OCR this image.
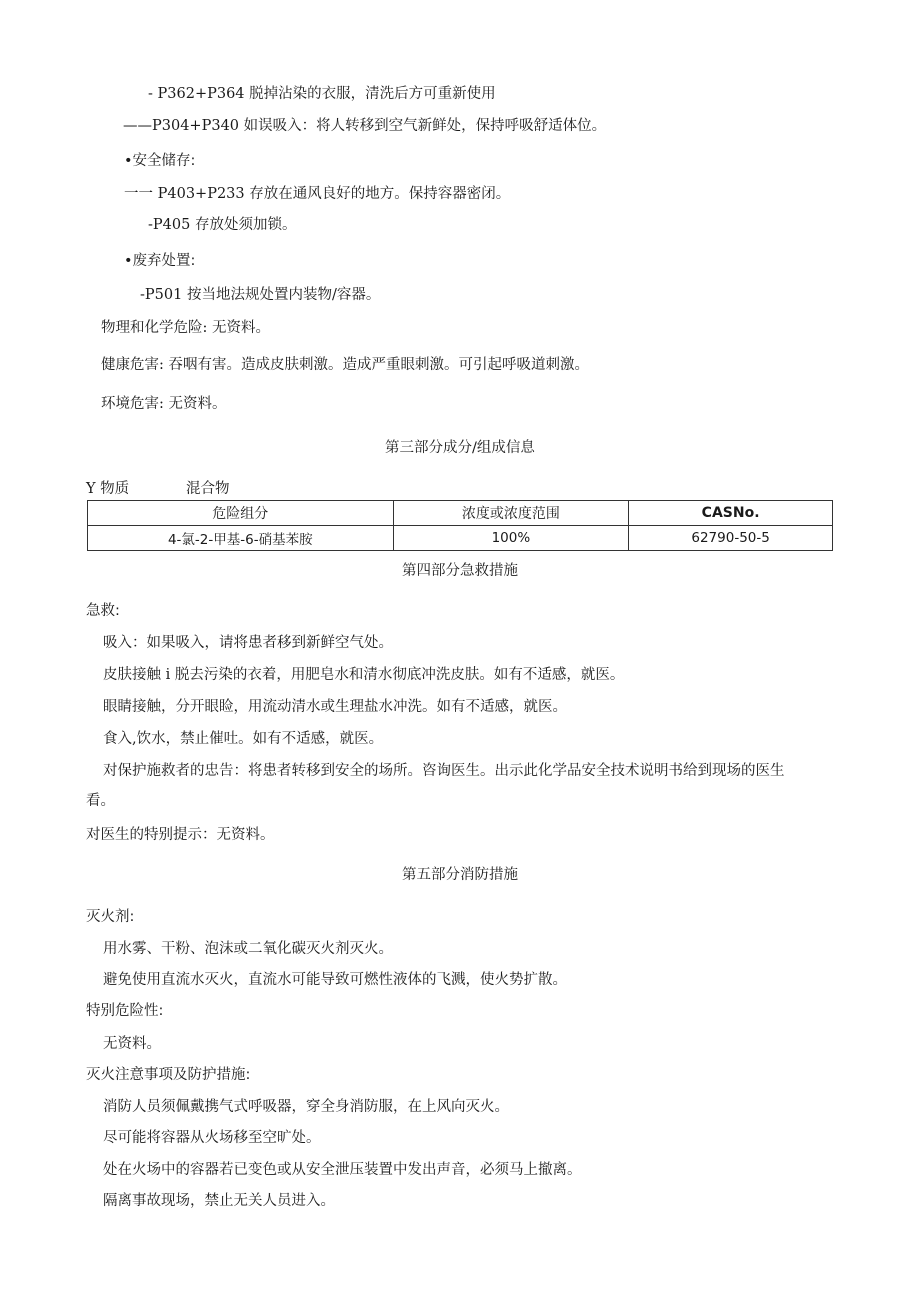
- P362+P364 脱掉沾染的衣服，清洗后方可重新使用
——P304+P340 如误吸入：将人转移到空气新鲜处，保持呼吸舒适体位。
•安全储存:
一一 P403+P233 存放在通风良好的地方。保持容器密闭。
-P405 存放处须加锁。
•废弃处置:
-P501 按当地法规处置内装物/容器。
物理和化学危险: 无资料。
健康危害: 吞咽有害。造成皮肤刺激。造成严重眼刺激。可引起呼吸道刺激。
环境危害: 无资料。
第三部分成分/组成信息
Y 物质	混合物
危险组分	浓度或浓度范围	CASNo.
4-氯-2-甲基-6-硝基苯胺	100%	62790-50-5
第四部分急救措施
急救:
吸入：如果吸入，请将患者移到新鲜空气处。
皮肤接触 i 脱去污染的衣着，用肥皂水和清水彻底冲洗皮肤。如有不适感，就医。
眼睛接触，分开眼睑，用流动清水或生理盐水冲洗。如有不适感，就医。
食入,饮水，禁止催吐。如有不适感，就医。
对保护施救者的忠告：将患者转移到安全的场所。咨询医生。出示此化学品安全技术说明书给到现场的医生
看。
对医生的特别提示：无资料。
第五部分消防措施
灭火剂:
用水雾、干粉、泡沫或二氧化碳灭火剂灭火。
避免使用直流水灭火，直流水可能导致可燃性液体的飞溅，使火势扩散。
特别危险性:
无资料。
灭火注意事项及防护措施:
消防人员须佩戴携气式呼吸器，穿全身消防服，在上风向灭火。
尽可能将容器从火场移至空旷处。
处在火场中的容器若已变色或从安全泄压装置中发出声音，必须马上撤离。
隔离事故现场，禁止无关人员进入。
